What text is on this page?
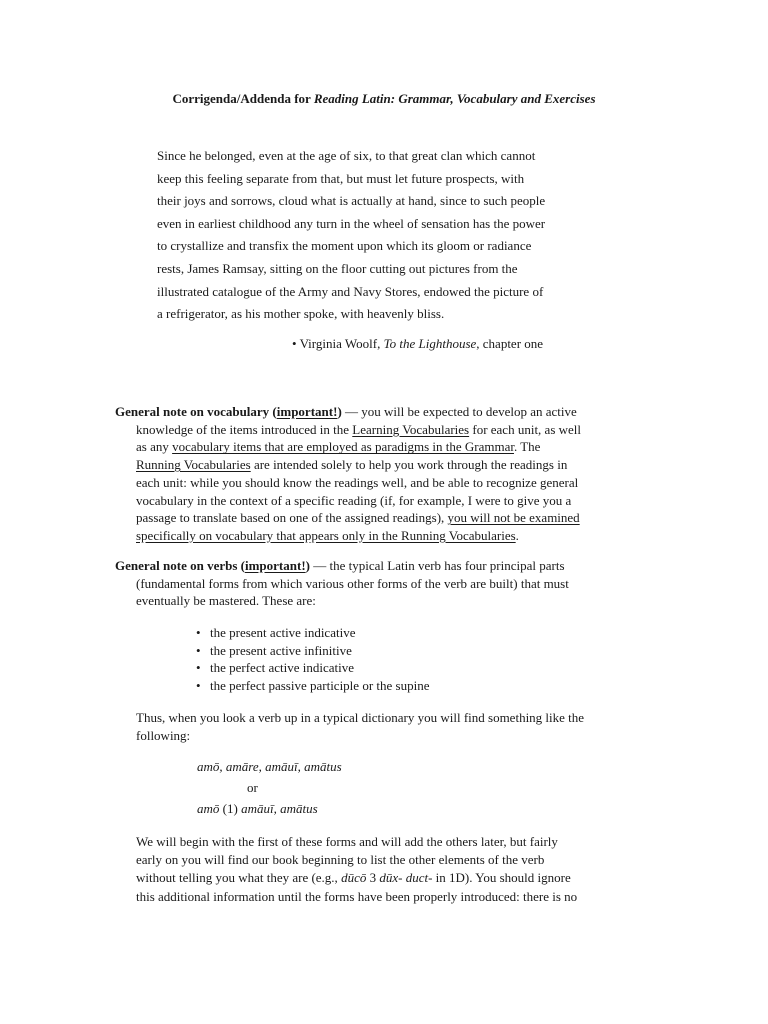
Corrigenda/Addenda for Reading Latin: Grammar, Vocabulary and Exercises
Since he belonged, even at the age of six, to that great clan which cannot
keep this feeling separate from that, but must let future prospects, with
their joys and sorrows, cloud what is actually at hand, since to such people
even in earliest childhood any turn in the wheel of sensation has the power
to crystallize and transfix the moment upon which its gloom or radiance
rests, James Ramsay, sitting on the floor cutting out pictures from the
illustrated catalogue of the Army and Navy Stores, endowed the picture of
a refrigerator, as his mother spoke, with heavenly bliss.
• Virginia Woolf, To the Lighthouse, chapter one
General note on vocabulary (important!) — you will be expected to develop an active
knowledge of the items introduced in the Learning Vocabularies for each unit, as well
as any vocabulary items that are employed as paradigms in the Grammar. The
Running Vocabularies are intended solely to help you work through the readings in
each unit: while you should know the readings well, and be able to recognize general
vocabulary in the context of a specific reading (if, for example, I were to give you a
passage to translate based on one of the assigned readings), you will not be examined
specifically on vocabulary that appears only in the Running Vocabularies.
General note on verbs (important!) — the typical Latin verb has four principal parts
(fundamental forms from which various other forms of the verb are built) that must
eventually be mastered. These are:
• the present active indicative
• the present active infinitive
• the perfect active indicative
• the perfect passive participle or the supine
Thus, when you look a verb up in a typical dictionary you will find something like the
following:
amō, amāre, amāuī, amātus
or
amō (1) amāuī, amātus
We will begin with the first of these forms and will add the others later, but fairly
early on you will find our book beginning to list the other elements of the verb
without telling you what they are (e.g., dūcō 3 dūx- duct- in 1D). You should ignore
this additional information until the forms have been properly introduced: there is no
